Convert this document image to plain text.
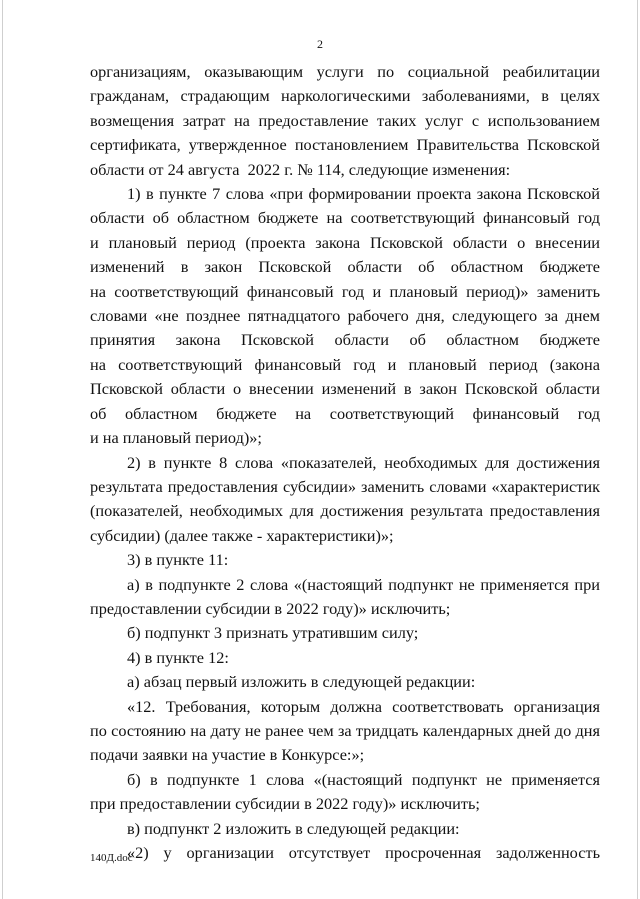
2

организациям, оказывающим услуги по социальной реабилитации

гражданам, страдающим наркологическими заболеваниями, в целях

возмещения затрат на предоставление таких услуг с использованием

сертификата, утвержденное постановлением Правительства Псковской

области от 24 августа  2022 г. № 114, следующие изменения:

1) в пункте 7 слова «при формировании проекта закона Псковской

области об областном бюджете на соответствующий финансовый год

и плановый период (проекта закона Псковской области о внесении

изменений в закон Псковской области об областном бюджете

на соответствующий финансовый год и плановый период)» заменить

словами «не позднее пятнадцатого рабочего дня, следующего за днем

принятия закона Псковской области об областном бюджете

на соответствующий финансовый год и плановый период (закона

Псковской области о внесении изменений в закон Псковской области

об областном бюджете на соответствующий финансовый год

и на плановый период)»;

2) в пункте 8 слова «показателей, необходимых для достижения

результата предоставления субсидии» заменить словами «характеристик

(показателей, необходимых для достижения результата предоставления

субсидии) (далее также - характеристики)»;

3) в пункте 11:

а) в подпункте 2 слова «(настоящий подпункт не применяется при

предоставлении субсидии в 2022 году)» исключить;

б) подпункт 3 признать утратившим силу;

4) в пункте 12:

а) абзац первый изложить в следующей редакции:

«12. Требования, которым должна соответствовать организация

по состоянию на дату не ранее чем за тридцать календарных дней до дня

подачи заявки на участие в Конкурсе:»;

б) в подпункте 1 слова «(настоящий подпункт не применяется

при предоставлении субсидии в 2022 году)» исключить;

в) подпункт 2 изложить в следующей редакции:

«2) у организации отсутствует просроченная задолженность

140Д.doc
